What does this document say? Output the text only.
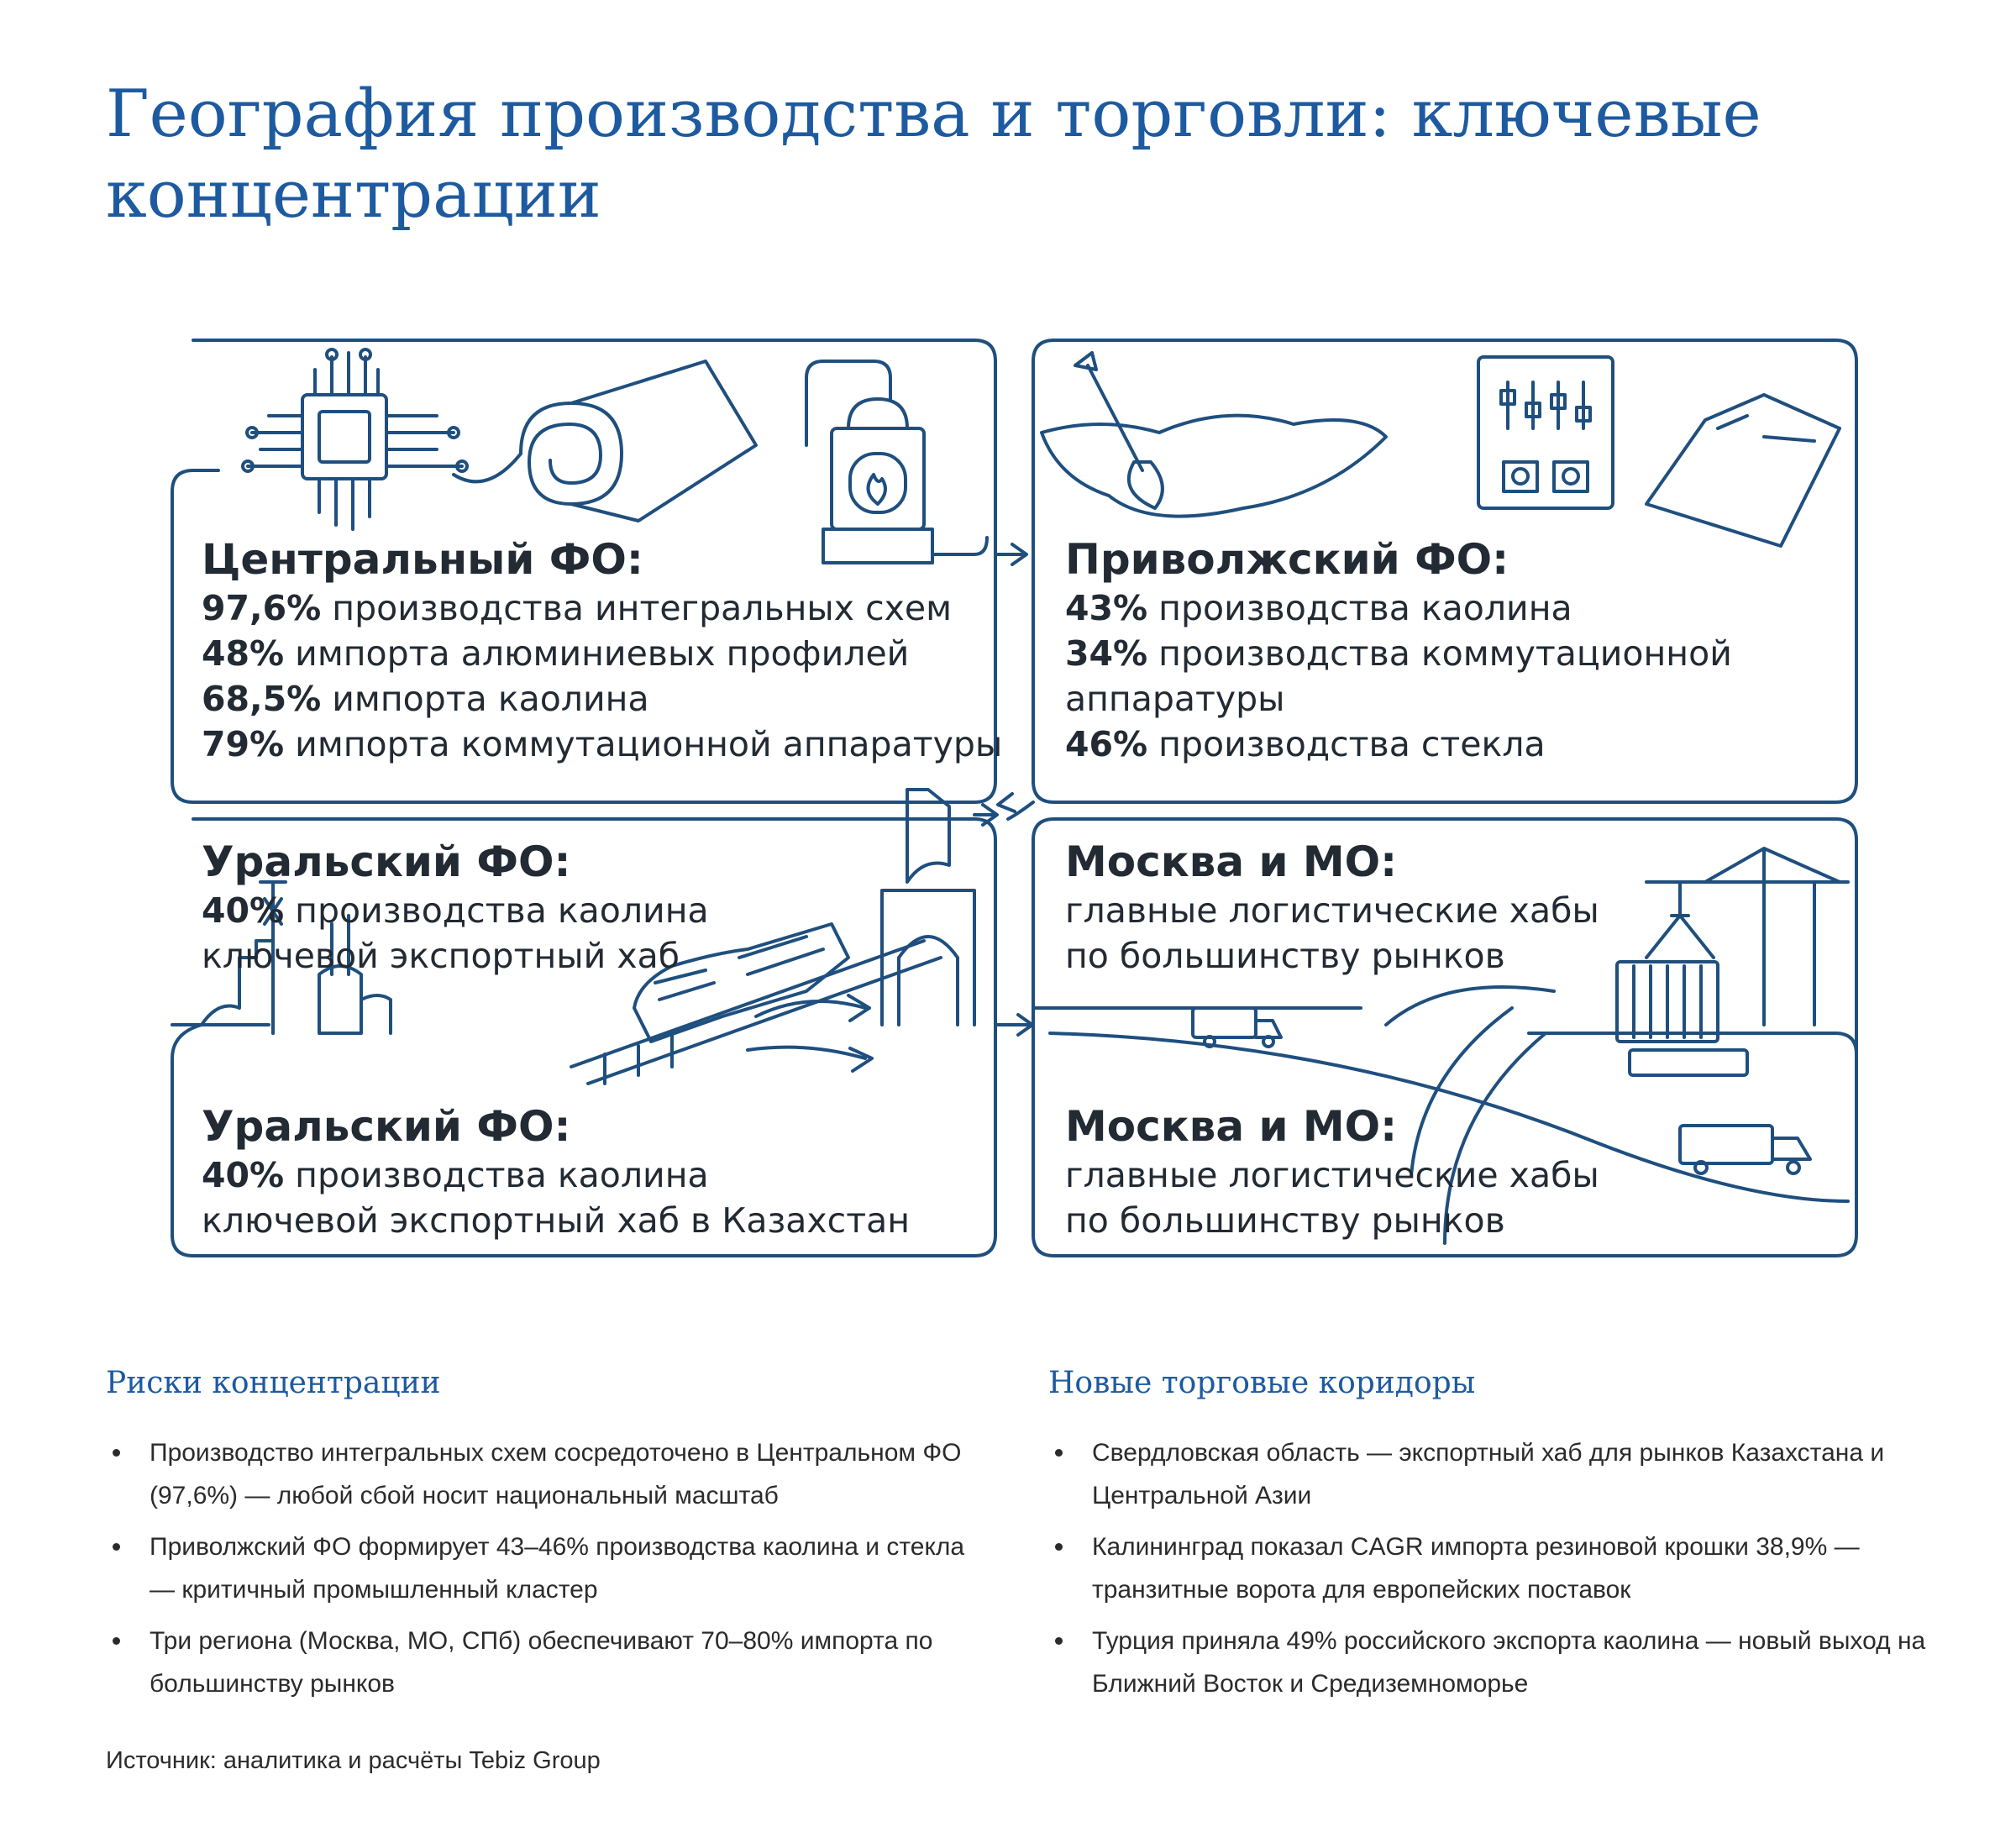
География производства и торговли: ключевые концентрации
Центральный ФО:
97,6% производства интегральных схем
48% импорта алюминиевых профилей
68,5% импорта каолина
79% импорта коммутационной аппаратуры
Приволжский ФО:
43% производства каолина
34% производства коммутационной
аппаратуры
46% производства стекла
Уральский ФО:
40% производства каолина
ключевой экспортный хаб
Уральский ФО:
40% производства каолина
ключевой экспортный хаб в Казахстан
Москва и МО:
главные логистические хабы
по большинству рынков
Москва и МО:
главные логистические хабы
по большинству рынков
Риски концентрации
Производство интегральных схем сосредоточено в Центральном ФО (97,6%) — любой сбой носит национальный масштаб
Приволжский ФО формирует 43–46% производства каолина и стекла — критичный промышленный кластер
Три региона (Москва, МО, СПб) обеспечивают 70–80% импорта по большинству рынков
Новые торговые коридоры
Свердловская область — экспортный хаб для рынков Казахстана и Центральной Азии
Калининград показал CAGR импорта резиновой крошки 38,9% — транзитные ворота для европейских поставок
Турция приняла 49% российского экспорта каолина — новый выход на Ближний Восток и Средиземноморье
Источник: аналитика и расчёты Tebiz Group
